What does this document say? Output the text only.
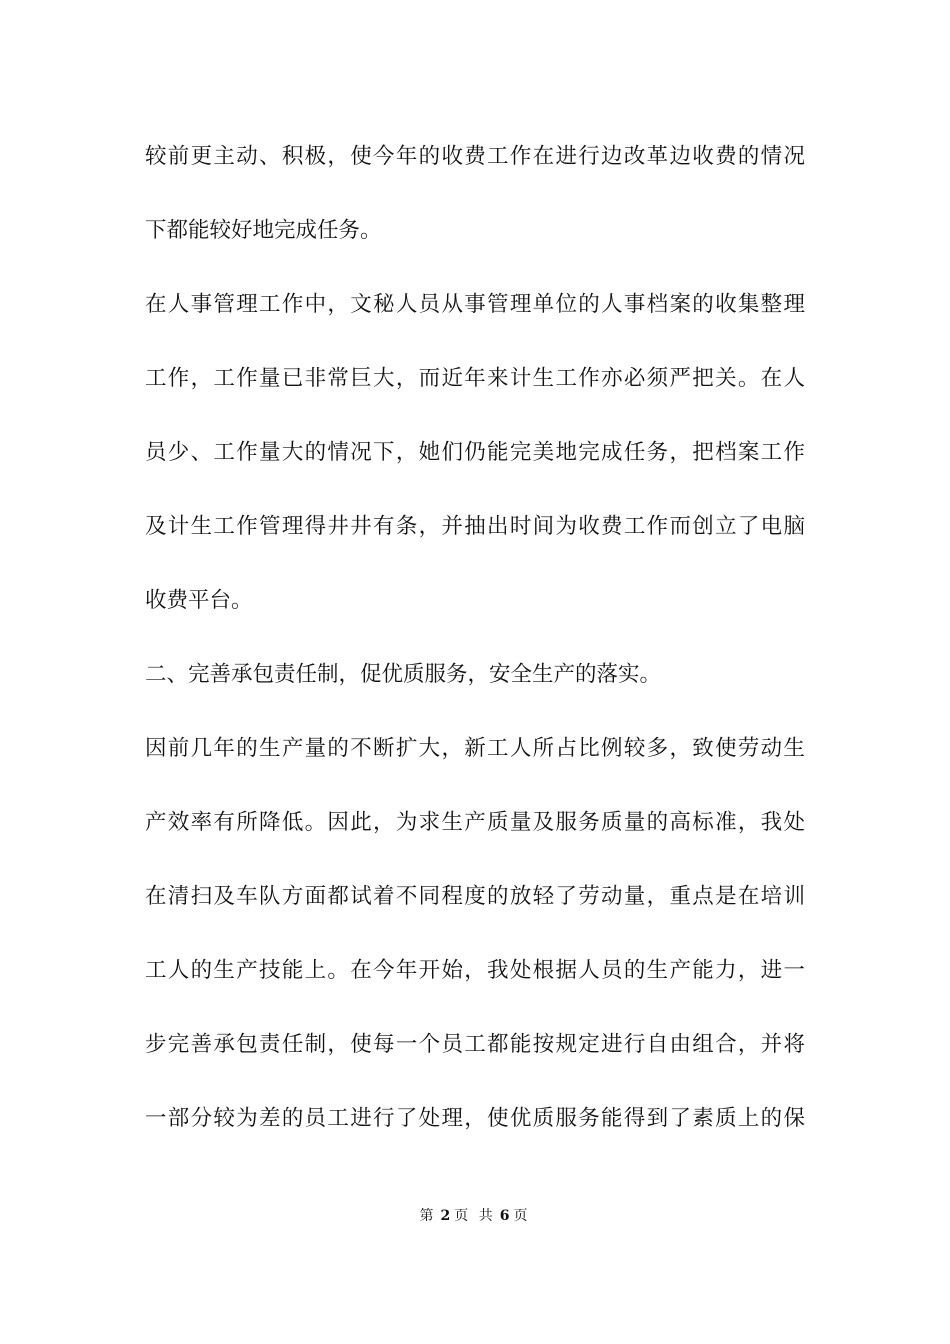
较前更主动、积极，使今年的收费工作在进行边改革边收费的情况
下都能较好地完成任务。
在人事管理工作中，文秘人员从事管理单位的人事档案的收集整理
工作，工作量已非常巨大，而近年来计生工作亦必须严把关。在人
员少、工作量大的情况下，她们仍能完美地完成任务，把档案工作
及计生工作管理得井井有条，并抽出时间为收费工作而创立了电脑
收费平台。
二、完善承包责任制，促优质服务，安全生产的落实。
因前几年的生产量的不断扩大，新工人所占比例较多，致使劳动生
产效率有所降低。因此，为求生产质量及服务质量的高标准，我处
在清扫及车队方面都试着不同程度的放轻了劳动量，重点是在培训
工人的生产技能上。在今年开始，我处根据人员的生产能力，进一
步完善承包责任制，使每一个员工都能按规定进行自由组合，并将
一部分较为差的员工进行了处理，使优质服务能得到了素质上的保
第 2 页 共 6 页
